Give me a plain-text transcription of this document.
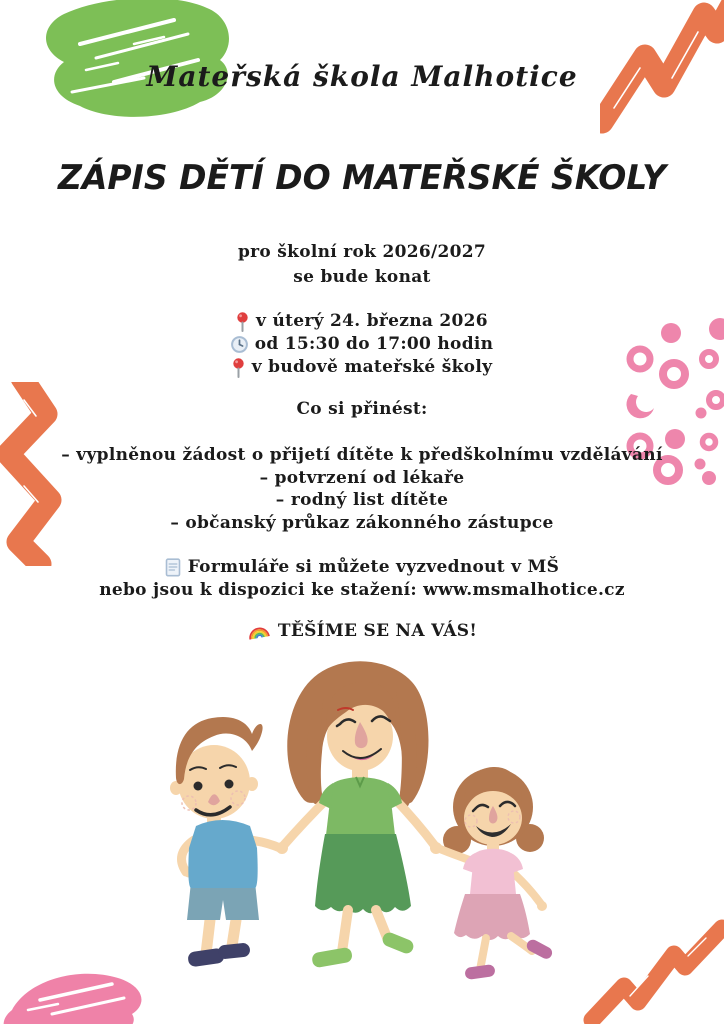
Mateřská škola Malhotice
ZÁPIS DĚTÍ DO MATEŘSKÉ ŠKOLY
pro školní rok 2026/2027
se bude konat
v úterý 24. března 2026
od 15:30 do 17:00 hodin
v budově mateřské školy
Co si přinést:
– vyplněnou žádost o přijetí dítěte k předškolnímu vzdělávání
– potvrzení od lékaře
– rodný list dítěte
– občanský průkaz zákonného zástupce
Formuláře si můžete vyzvednout v MŠ
nebo jsou k dispozici ke stažení: www.msmalhotice.cz
TĚŠÍME SE NA VÁS!
